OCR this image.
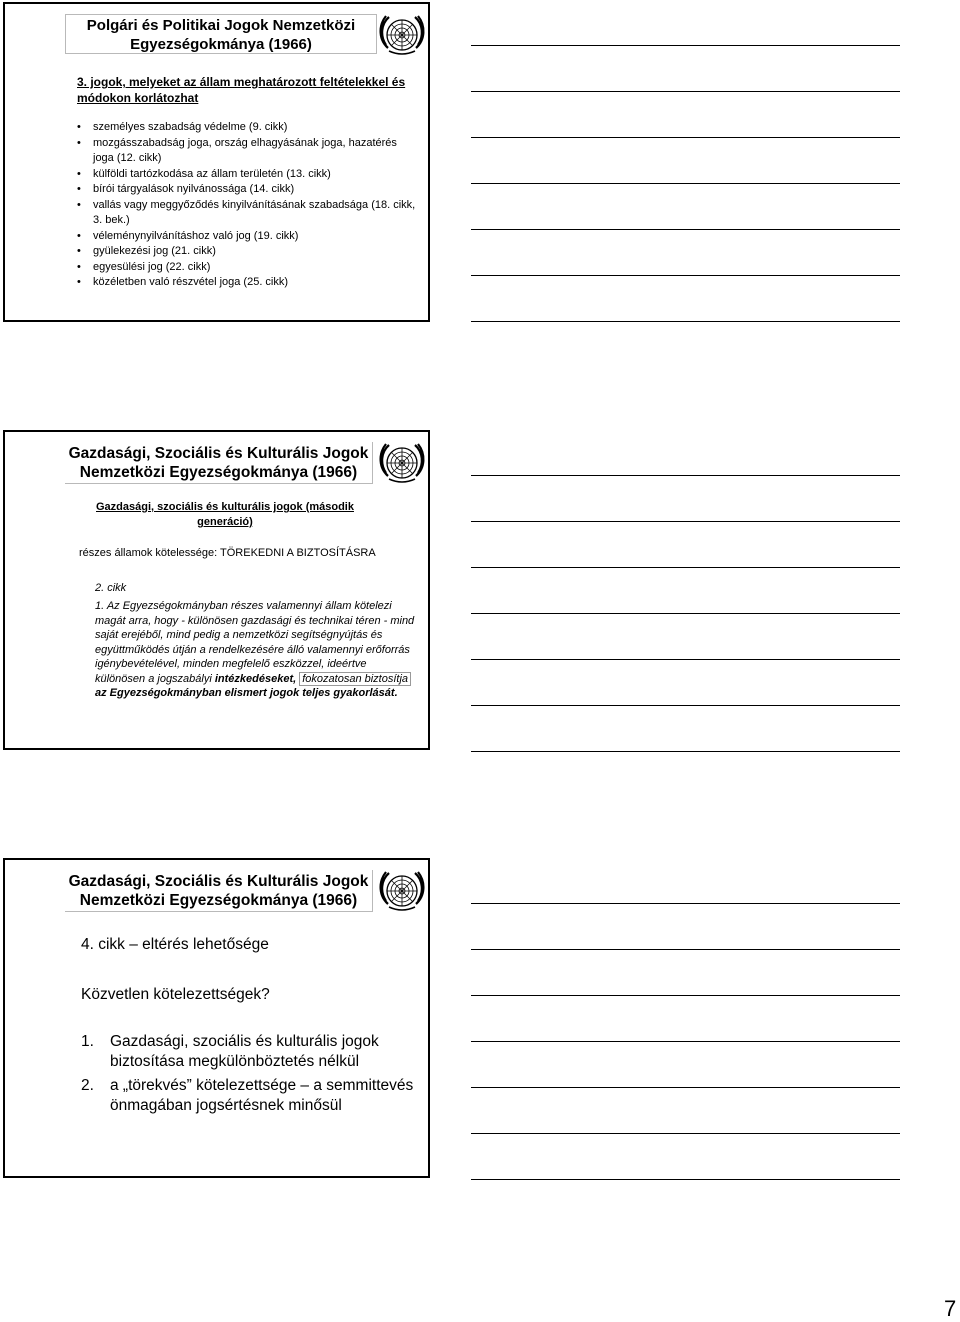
Polgári és Politikai Jogok Nemzetközi Egyezségokmánya (1966)
3. jogok, melyeket az állam meghatározott feltételekkel és módokon korlátozhat
• személyes szabadság védelme (9. cikk)
• mozgásszabadság joga, ország elhagyásának joga, hazatérés joga (12. cikk)
• külföldi tartózkodása az állam területén (13. cikk)
• bírói tárgyalások nyilvánossága (14. cikk)
• vallás vagy meggyőződés kinyilvánításának szabadsága (18. cikk, 3. bek.)
• véleménynyilvánításhoz való jog (19. cikk)
• gyülekezési jog (21. cikk)
• egyesülési jog (22. cikk)
• közéletben való részvétel joga (25. cikk)
Gazdasági, Szociális és Kulturális Jogok Nemzetközi Egyezségokmánya (1966)
Gazdasági, szociális és kulturális jogok (második generáció)
részes államok kötelessége: TÖREKEDNI A BIZTOSÍTÁSRA
2. cikk
1. Az Egyezségokmányban részes valamennyi állam kötelezi magát arra, hogy - különösen gazdasági és technikai téren - mind saját erejéből, mind pedig a nemzetközi segítségnyújtás és együttműködés útján a rendelkezésére álló valamennyi erőforrás igénybevételével, minden megfelelő eszközzel, ideértve különösen a jogszabályi intézkedéseket, fokozatosan biztosítja az Egyezségokmányban elismert jogok teljes gyakorlását.
Gazdasági, Szociális és Kulturális Jogok Nemzetközi Egyezségokmánya (1966)
4. cikk – eltérés lehetősége
Közvetlen kötelezettségek?
1.	Gazdasági, szociális és kulturális jogok biztosítása megkülönböztetés nélkül
2.	a „törekvés” kötelezettsége – a semmittevés önmagában jogsértésnek minősül
7
